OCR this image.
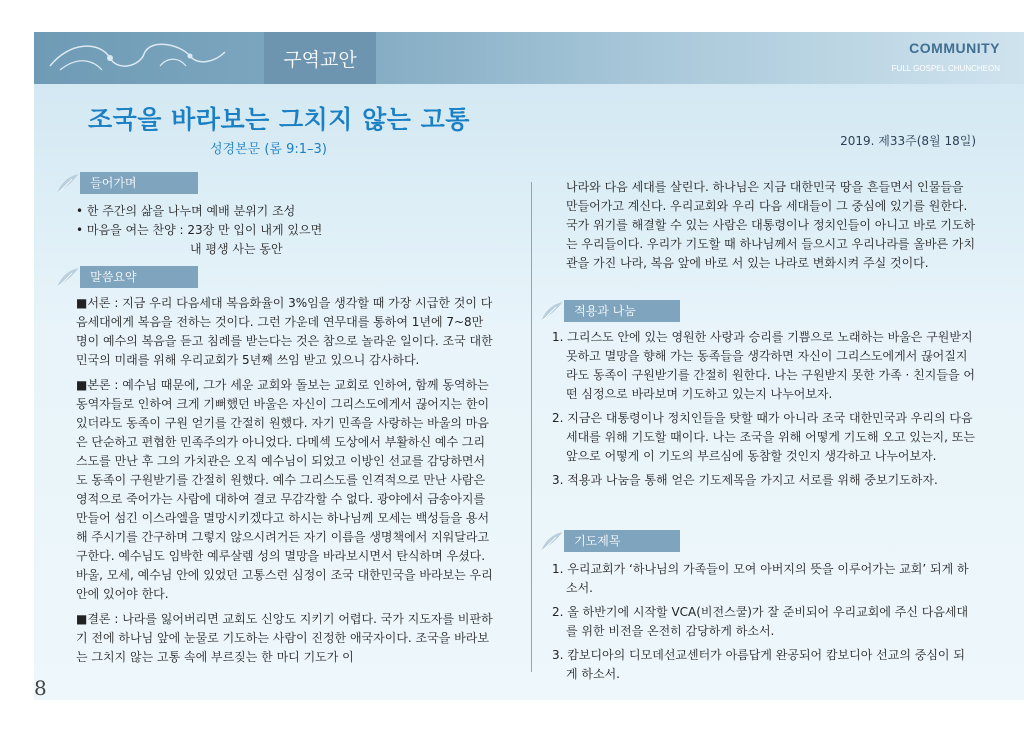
구역교안
COMMUNITY
FULL GOSPEL CHUNCHEON
조국을 바라보는 그치지 않는 고통
성경본문 (롬 9:1–3)
2019. 제33주(8월 18일)
들어가며
• 한 주간의 삶을 나누며 예배 분위기 조성
• 마음을 여는 찬양 : 23장 만 입이 내게 있으면
내 평생 사는 동안
말씀요약

■서론 : 지금 우리 다음세대 복음화율이 3%임을 생각할 때 가장 시급한 것이 다음세대에게 복음을 전하는 것이다. 그런 가운데 연무대를 통하여 1년에 7~8만 명이 예수의 복음을 듣고 침례를 받는다는 것은 참으로 놀라운 일이다. 조국 대한민국의 미래를 위해 우리교회가 5년째 쓰임 받고 있으니 감사하다.

■본론 : 예수님 때문에, 그가 세운 교회와 돌보는 교회로 인하여, 함께 동역하는 동역자들로 인하여 크게 기뻐했던 바울은 자신이 그리스도에게서 끊어지는 한이 있더라도 동족이 구원 얻기를 간절히 원했다. 자기 민족을 사랑하는 바울의 마음은 단순하고 편협한 민족주의가 아니었다. 다메섹 도상에서 부활하신 예수 그리스도를 만난 후 그의 가치관은 오직 예수님이 되었고 이방인 선교를 감당하면서도 동족이 구원받기를 간절히 원했다. 예수 그리스도를 인격적으로 만난 사람은 영적으로 죽어가는 사람에 대하여 결코 무감각할 수 없다. 광야에서 금송아지를 만들어 섬긴 이스라엘을 멸망시키겠다고 하시는 하나님께 모세는 백성들을 용서해 주시기를 간구하며 그렇지 않으시려거든 자기 이름을 생명책에서 지워달라고 구한다. 예수님도 임박한 예루살렘 성의 멸망을 바라보시면서 탄식하며 우셨다. 바울, 모세, 예수님 안에 있었던 고통스런 심정이 조국 대한민국을 바라보는 우리 안에 있어야 한다.

■결론 : 나라를 잃어버리면 교회도 신앙도 지키기 어렵다. 국가 지도자를 비판하기 전에 하나님 앞에 눈물로 기도하는 사람이 진정한 애국자이다. 조국을 바라보는 그치지 않는 고통 속에 부르짖는 한 마디 기도가 이

나라와 다음 세대를 살린다. 하나님은 지금 대한민국 땅을 흔들면서 인물들을 만들어가고 계신다. 우리교회와 우리 다음 세대들이 그 중심에 있기를 원한다. 국가 위기를 해결할 수 있는 사람은 대통령이나 정치인들이 아니고 바로 기도하는 우리들이다. 우리가 기도할 때 하나님께서 들으시고 우리나라를 올바른 가치관을 가진 나라, 복음 앞에 바로 서 있는 나라로 변화시켜 주실 것이다.

적용과 나눔
1. 그리스도 안에 있는 영원한 사랑과 승리를 기쁨으로 노래하는 바울은 구원받지 못하고 멸망을 향해 가는 동족들을 생각하면 자신이 그리스도에게서 끊어질지라도 동족이 구원받기를 간절히 원한다. 나는 구원받지 못한 가족 · 친지들을 어떤 심정으로 바라보며 기도하고 있는지 나누어보자.
2. 지금은 대통령이나 정치인들을 탓할 때가 아니라 조국 대한민국과 우리의 다음 세대를 위해 기도할 때이다. 나는 조국을 위해 어떻게 기도해 오고 있는지, 또는 앞으로 어떻게 이 기도의 부르심에 동참할 것인지 생각하고 나누어보자.
3. 적용과 나눔을 통해 얻은 기도제목을 가지고 서로를 위해 중보기도하자.
기도제목
1. 우리교회가 ‘하나님의 가족들이 모여 아버지의 뜻을 이루어가는 교회’ 되게 하소서.
2. 올 하반기에 시작할 VCA(비전스쿨)가 잘 준비되어 우리교회에 주신 다음세대를 위한 비전을 온전히 감당하게 하소서.
3. 캄보디아의 디모데선교센터가 아름답게 완공되어 캄보디아 선교의 중심이 되게 하소서.
8
